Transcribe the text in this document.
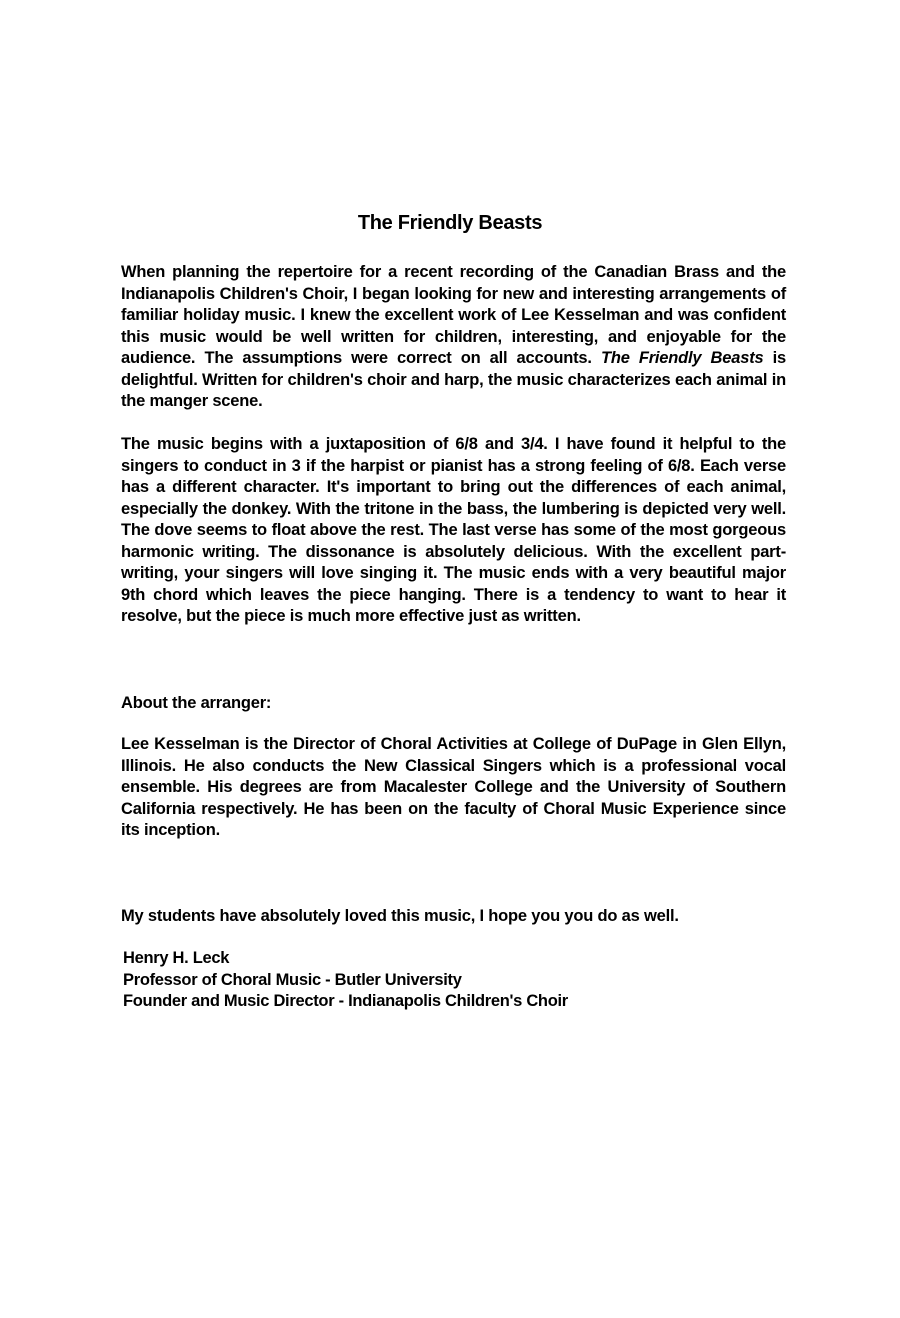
The Friendly Beasts

When planning the repertoire for a recent recording of the Canadian Brass and the Indianapolis Children's Choir, I began looking for new and interesting arrangements of familiar holiday music. I knew the excellent work of Lee Kesselman and was confident this music would be well written for children, interesting, and enjoyable for the audience. The assumptions were correct on all accounts. The Friendly Beasts is delightful. Written for children's choir and harp, the music characterizes each animal in the manger scene.

The music begins with a juxtaposition of 6/8 and 3/4. I have found it helpful to the singers to conduct in 3 if the harpist or pianist has a strong feeling of 6/8. Each verse has a different character. It's important to bring out the differences of each animal, especially the donkey. With the tritone in the bass, the lumbering is depicted very well. The dove seems to float above the rest. The last verse has some of the most gorgeous harmonic writing. The dissonance is absolutely delicious. With the excellent part-writing, your singers will love singing it. The music ends with a very beautiful major 9th chord which leaves the piece hanging. There is a tendency to want to hear it resolve, but the piece is much more effective just as written.

About the arranger:

Lee Kesselman is the Director of Choral Activities at College of DuPage in Glen Ellyn, Illinois. He also conducts the New Classical Singers which is a professional vocal ensemble. His degrees are from Macalester College and the University of Southern California respectively. He has been on the faculty of Choral Music Experience since its inception.

My students have absolutely loved this music, I hope you you do as well.

Henry H. Leck
Professor of Choral Music - Butler University
Founder and Music Director - Indianapolis Children's Choir
